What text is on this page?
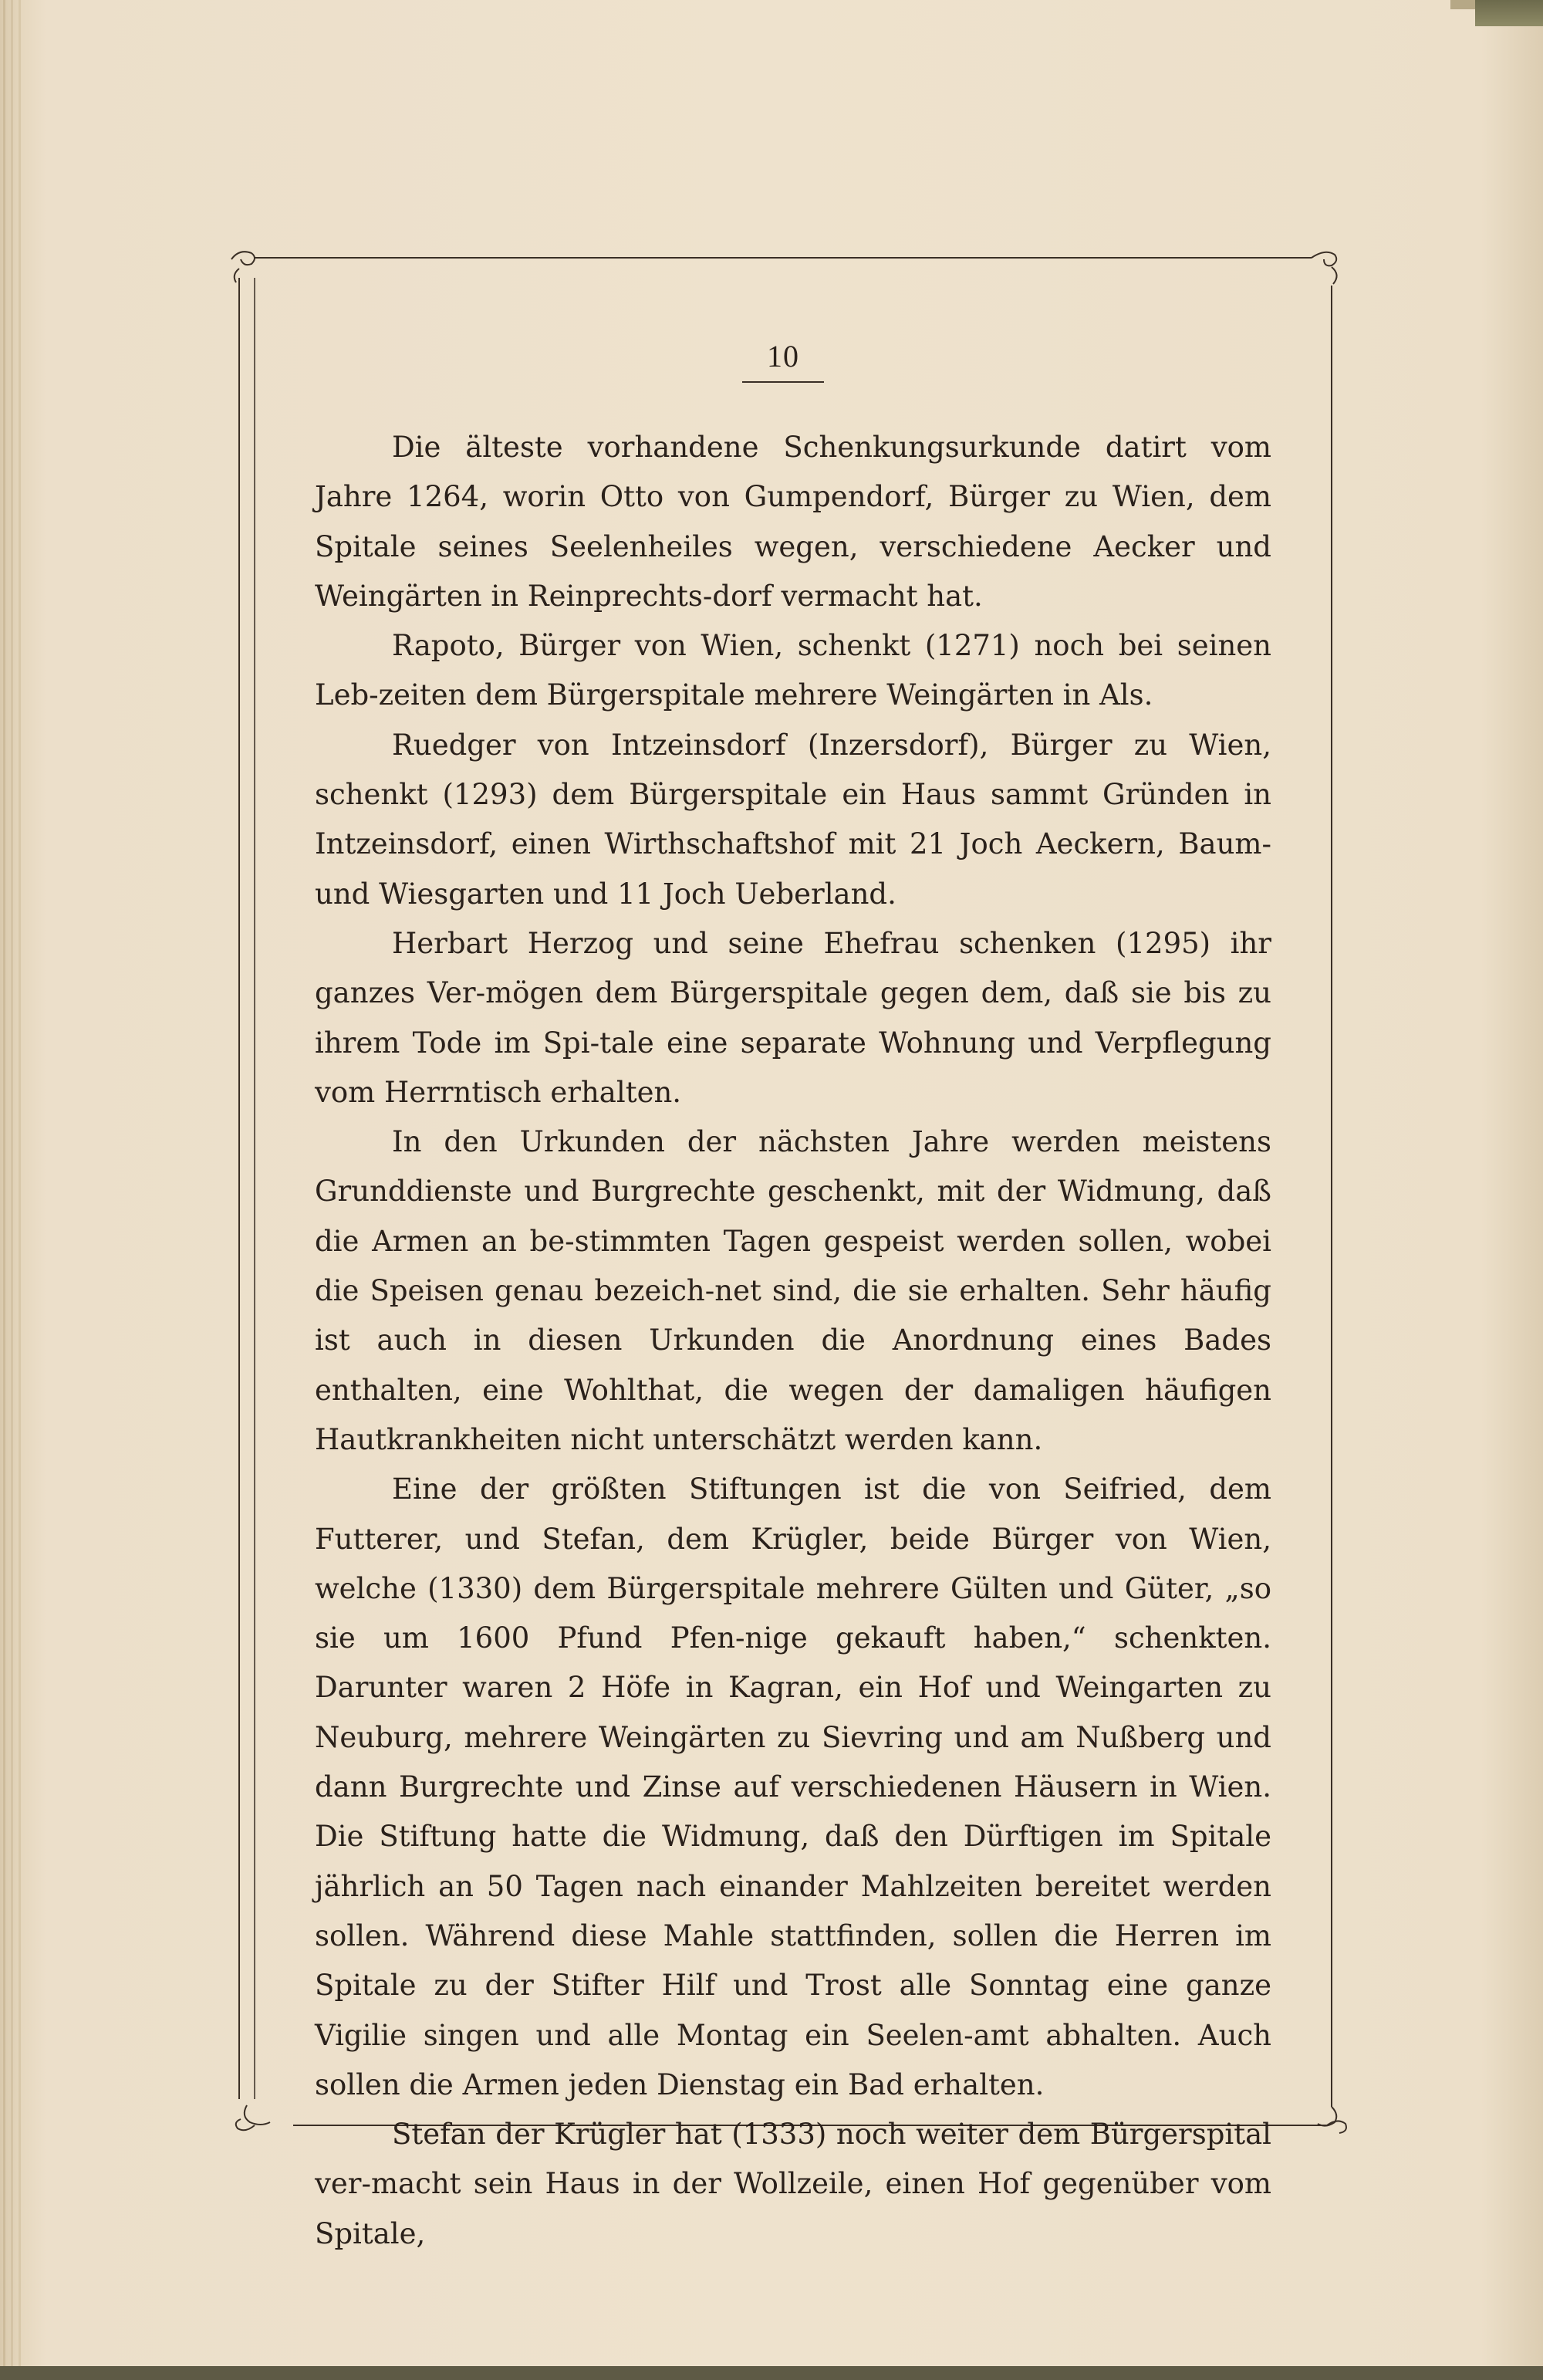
10

Die älteste vorhandene Schenkungsurkunde datirt vom Jahre 1264, worin Otto von Gumpendorf, Bürger zu Wien, dem Spitale seines Seelenheiles wegen, verschiedene Aecker und Weingärten in Reinprechts-dorf vermacht hat.

Rapoto, Bürger von Wien, schenkt (1271) noch bei seinen Leb-zeiten dem Bürgerspitale mehrere Weingärten in Als.

Ruedger von Intzeinsdorf (Inzersdorf), Bürger zu Wien, schenkt (1293) dem Bürgerspitale ein Haus sammt Gründen in Intzeinsdorf, einen Wirthschaftshof mit 21 Joch Aeckern, Baum- und Wiesgarten und 11 Joch Ueberland.

Herbart Herzog und seine Ehefrau schenken (1295) ihr ganzes Ver-mögen dem Bürgerspitale gegen dem, daß sie bis zu ihrem Tode im Spi-tale eine separate Wohnung und Verpflegung vom Herrntisch erhalten.

In den Urkunden der nächsten Jahre werden meistens Grunddienste und Burgrechte geschenkt, mit der Widmung, daß die Armen an be-stimmten Tagen gespeist werden sollen, wobei die Speisen genau bezeich-net sind, die sie erhalten. Sehr häufig ist auch in diesen Urkunden die Anordnung eines Bades enthalten, eine Wohlthat, die wegen der damaligen häufigen Hautkrankheiten nicht unterschätzt werden kann.

Eine der größten Stiftungen ist die von Seifried, dem Futterer, und Stefan, dem Krügler, beide Bürger von Wien, welche (1330) dem Bürgerspitale mehrere Gülten und Güter, „so sie um 1600 Pfund Pfen-nige gekauft haben,“ schenkten. Darunter waren 2 Höfe in Kagran, ein Hof und Weingarten zu Neuburg, mehrere Weingärten zu Sievring und am Nußberg und dann Burgrechte und Zinse auf verschiedenen Häusern in Wien. Die Stiftung hatte die Widmung, daß den Dürftigen im Spitale jährlich an 50 Tagen nach einander Mahlzeiten bereitet werden sollen. Während diese Mahle stattfinden, sollen die Herren im Spitale zu der Stifter Hilf und Trost alle Sonntag eine ganze Vigilie singen und alle Montag ein Seelen-amt abhalten. Auch sollen die Armen jeden Dienstag ein Bad erhalten.

Stefan der Krügler hat (1333) noch weiter dem Bürgerspital ver-macht sein Haus in der Wollzeile, einen Hof gegenüber vom Spitale,
